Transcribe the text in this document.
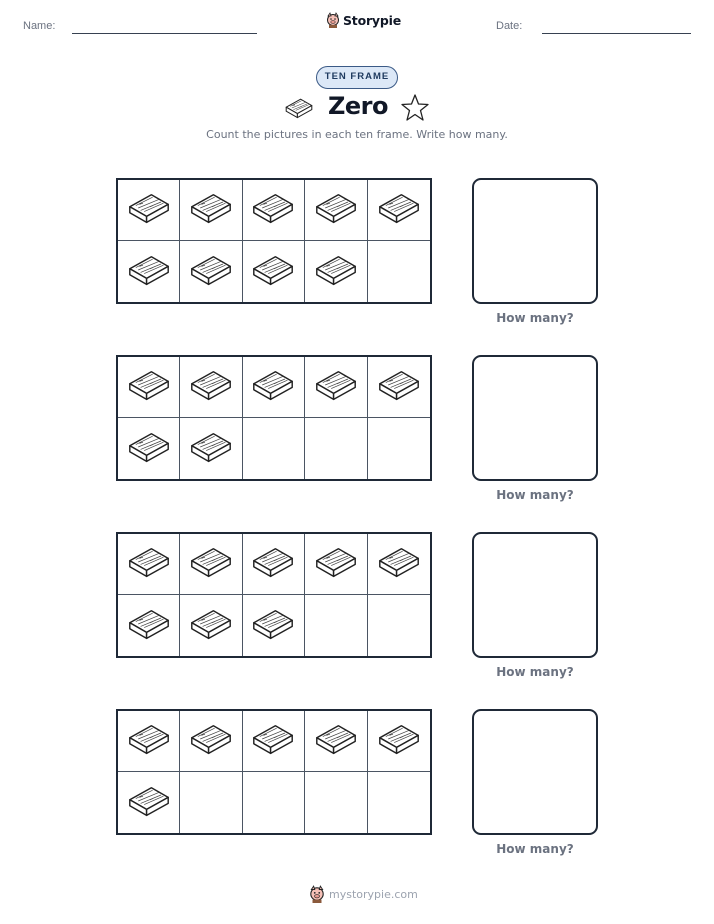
Name:	Storypie	Date:
TEN FRAME
Zero
Count the pictures in each ten frame. Write how many.
How many?
How many?
How many?
How many?
mystorypie.com
